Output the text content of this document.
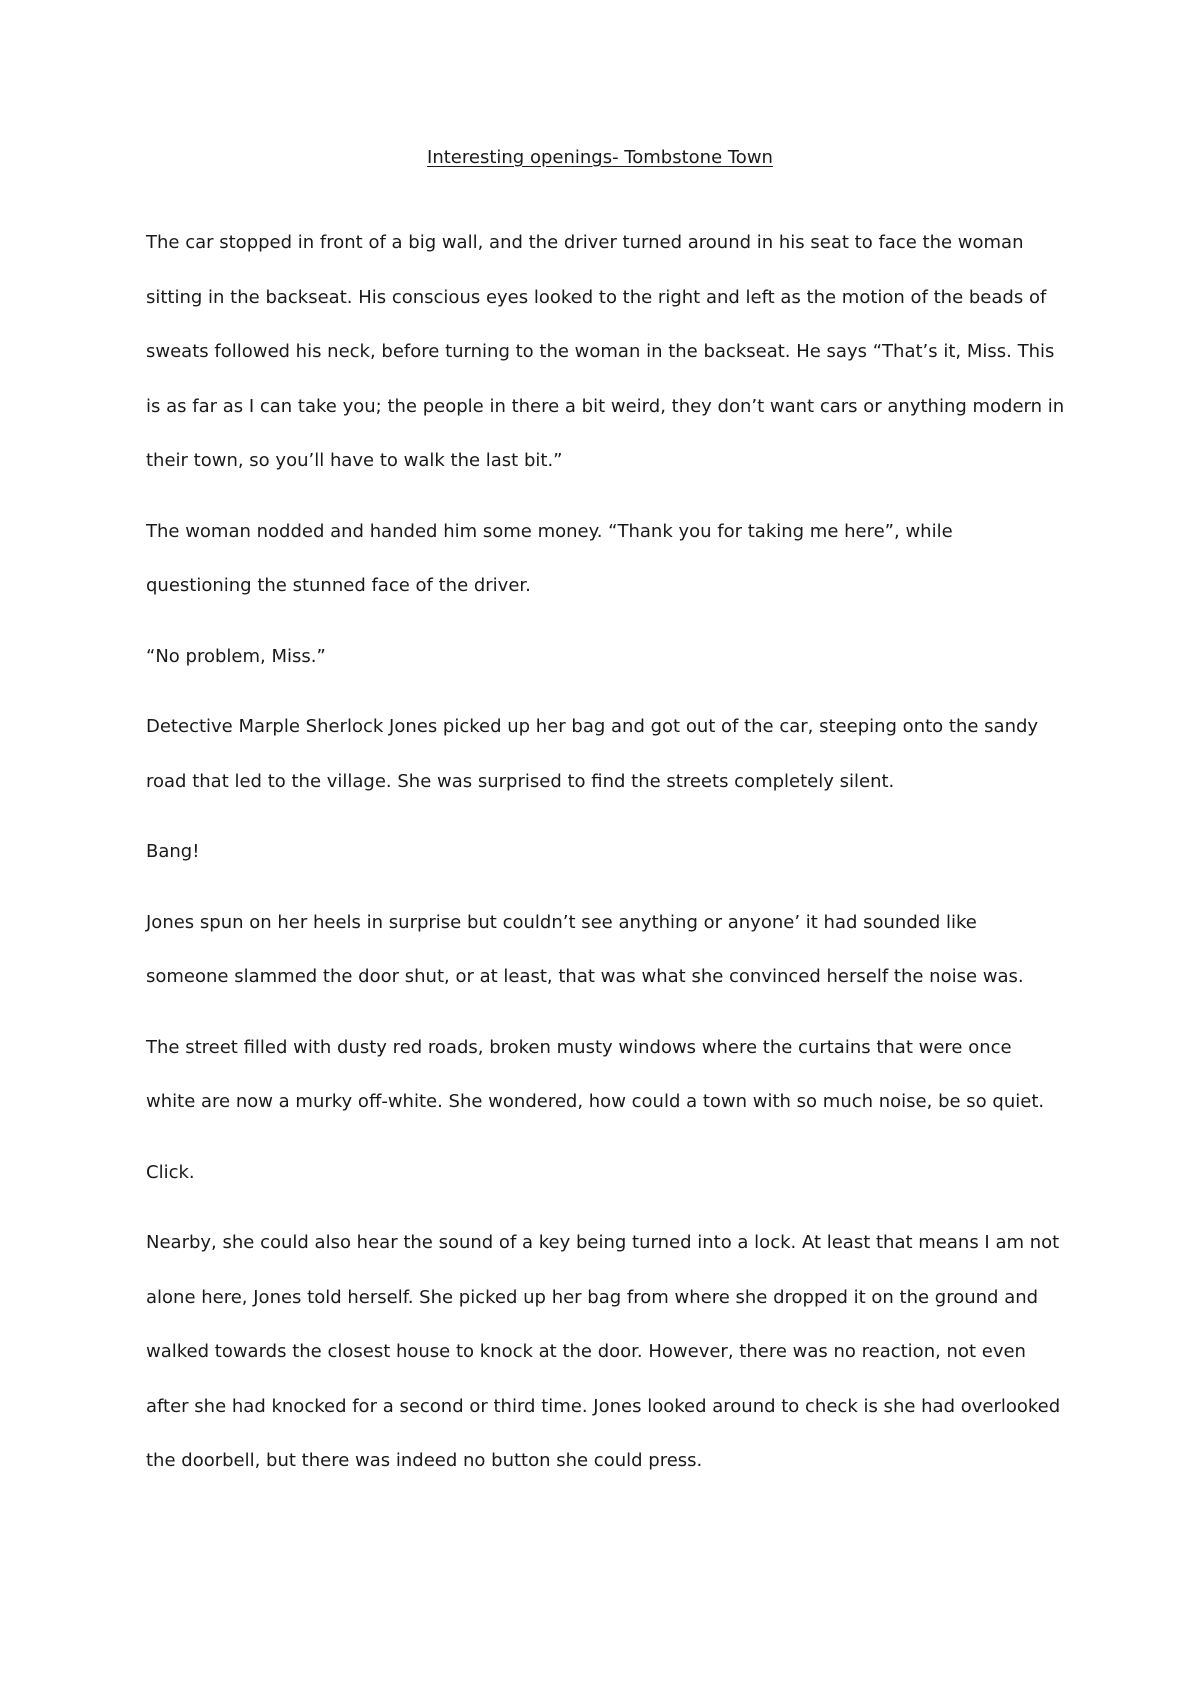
Interesting openings- Tombstone Town

The car stopped in front of a big wall, and the driver turned around in his seat to face the woman
sitting in the backseat. His conscious eyes looked to the right and left as the motion of the beads of
sweats followed his neck, before turning to the woman in the backseat. He says “That’s it, Miss. This
is as far as I can take you; the people in there a bit weird, they don’t want cars or anything modern in
their town, so you’ll have to walk the last bit.”

The woman nodded and handed him some money. “Thank you for taking me here”, while
questioning the stunned face of the driver.

“No problem, Miss.”

Detective Marple Sherlock Jones picked up her bag and got out of the car, steeping onto the sandy
road that led to the village. She was surprised to find the streets completely silent.

Bang!

Jones spun on her heels in surprise but couldn’t see anything or anyone’ it had sounded like
someone slammed the door shut, or at least, that was what she convinced herself the noise was.

The street filled with dusty red roads, broken musty windows where the curtains that were once
white are now a murky off-white. She wondered, how could a town with so much noise, be so quiet.

Click.

Nearby, she could also hear the sound of a key being turned into a lock. At least that means I am not
alone here, Jones told herself. She picked up her bag from where she dropped it on the ground and
walked towards the closest house to knock at the door. However, there was no reaction, not even
after she had knocked for a second or third time. Jones looked around to check is she had overlooked
the doorbell, but there was indeed no button she could press.
